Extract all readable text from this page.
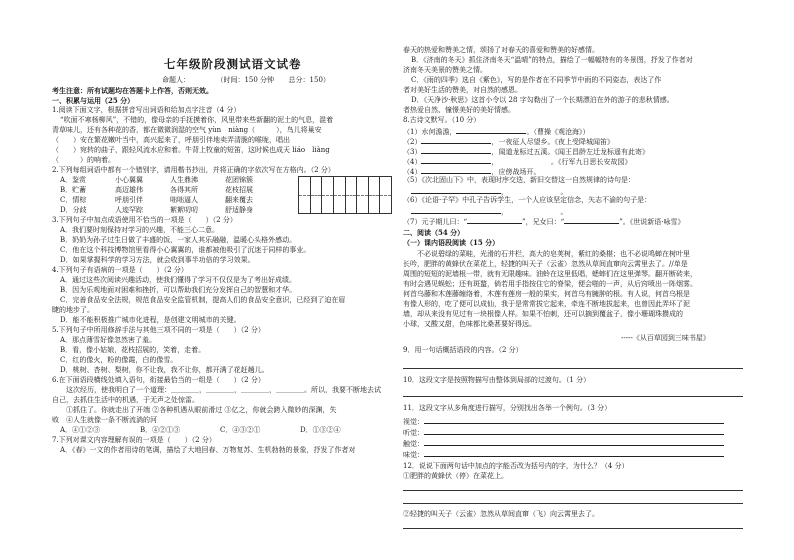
七年级阶段测试语文试卷
命题人：	（时间：150 分钟 总分：150）
考生注意：所有试题均在答题卡上作答，否则无效。
一、积累与运用（25 分）
1.阅读下面文字，根据拼音写出词语和给加点字注音（4 分）
“吹面不寒杨柳风”，不错的，像母亲的手抚摸着你，风里带来些新翻的泥土的气息，混着
青草味儿，还有各种花的香，都在微微润湿的空气 yùn　niàng（　　　），鸟儿将巢安
（　　）安在繁花嫩叶当中，高兴起来了，呼朋引伴地卖弄清脆的喉咙，唱出
（　　）宛转的曲子，跟轻风流水应和着。牛背上牧童的短笛，这时候也成天 liáo　liàng
（　　　）的响着。
2.下列每组词语中都有一个错别字，请用楷书抄出，并将正确的字依次写在方格内。（2 分）
A．鉴赏	小心翼翼	人生鼎沸	花团锦簇
B．贮蓄	高迈雄伟	各得其所	花枝招展
C．情棕	呼朋引伴	咄咄逼人	翻来覆去
D．分歧	人迹罕踪	絮絮叨叨	舒适静身
3.下列句子中加点成语使用不恰当的一项是（　　）（2 分）
A．我们要时刻保持对学习的兴趣，不能三心二意。
B．奶奶为孙子过生日做了丰盛的饭，一家人其乐融融，温暖心头格外感动。
C．他在这个科技博物馆里看得小心翼翼的，谁都被他吸引了沉迷于同样的事业。
D．如果掌握科学的学习方法，就会收到事半功倍的学习效果。
4.下列句子有语病的一项是（　　）（2 分）
A．通过这些次阅读兴趣活动，使我们懂得了学习不仅仅是为了考出好成绩。
B．因为乐观地面对困难和挫折，可以帮助我们充分发挥自己的智慧和才华。
C．完善食品安全法规，规范食品安全监管机制，提高人们的食品安全意识，已经到了迫在眉
睫的地步了。
D．能不能积极推广城市化进程，是创建文明城市的关键。
5.下列句子中所用修辞手法与其他三项不同的一项是（　　）（2 分）
A．那点薄雪好像忽然害了羞。
B．看，像小姑娘，花枝招展的，笑着，走着。
C．红的像火，粉的像霞，白的像雪。
D．桃树、杏树、梨树，你不让我，我不让你，都开满了花赶趟儿。
6.在下面语段横线处填入语句，衔接最恰当的一组是（　　）（2 分）
这次经历，使我明白了一个道理：＿＿＿＿，＿＿＿＿，＿＿＿＿，＿＿＿＿。所以，我要不断地去试
自己，去抓住生活中的机遇，于无声之处惊雷。
①抓住了。你就走出了开端 ②各种机遇从眼前滑过 ③亿之，你就会跨入微妙的深渊，失
败　④人生就像一条不断流淌的河
A．④①②③	B．④②①③	C．④③②①	D．①③②④
7.下列对课文内容理解有误的一项是（　　）（2 分）
A．《春》一文的作者用诗的笔调，描绘了大地回春、万物复苏、生机勃勃的景象，抒发了作者对
春天的热爱和赞美之情，颂扬了对春天的喜爱和赞美的好感情。
B．《济南的冬天》抓住济南冬天“温晴”的特点，描绘了一幅幅特有的冬景图，抒发了作者对
济南冬天美景的赞美之情。
C．《雨的四季》选自《紫色》，写的是作者在不同季节中雨的不同姿态，表达了作
者对美好生活的赞美，对自然的感恩。
D．《天净沙·秋思》这首小令以 28 字勾勒出了一个长期漂泊在外的游子的悲秋情感。
者热爱自然、憧憬美好的美好情感。
8.古诗文默写。（10 分）
（1）水何澹澹，	。（曹操《观沧海》）
（2）	，一夜征人尽望乡。《夜上受降城闻笛》
（3）	，闻道龙标过五溪。《闻王昌龄左迁龙标遥有此寄》
（4）	，　　　　　　　　。《行军九日思长安故园》
（4）	，应傍战场开。
（5）《次北固山下》中，表现时序交迭，新旧交替这一自然规律的诗句是：
，　　　　　　　　。
（6）《论语·子罕》中孔子告诉学生，一个人应该坚定信念，矢志不渝的句子是：
，　　　　　　　　。
（7）元子期儿曰：“	”，兄女曰：“	”。《世说新语·咏雪》
二、阅读（54 分）
（一）课内语段阅读（15 分）
不必说碧绿的菜畦，光滑的石井栏，高大的皂荚树，紫红的桑椹；也不必说鸣蝉在树叶里
长吟，肥胖的黄蜂伏在菜花上，轻捷的叫天子（云雀）忽然从草间直窜向云霄里去了。//单是
周围的短短的泥墙根一带，就有无限趣味。油蛉在这里低唱，蟋蟀们在这里弹琴。翻开断砖来，
有时会遇见蜈蚣；还有斑蝥，倘若用手指按住它的脊梁，便会啪的一声，从后窍喷出一阵烟雾。
何首乌藤和木莲藤缠络着，木莲有莲房一般的果实，何首乌有臃肿的根。有人说，何首乌根是
有像人形的，吃了便可以成仙，我于是常常拔它起来，牵连不断地拔起来，也曾因此弄坏了泥
墙，却从来没有见过有一块根像人样。如果不怕刺，还可以摘到覆盆子，像小珊瑚珠攒成的
小球，又酸又甜，色味都比桑葚要好得远。
-----《从百草园到三味书屋》
9．用一句话概括语段的内容。（2 分）
10．这段文字是按照物描写由整体到局部的过渡句。（1 分）
11．这段文字从多角度进行描写，分别找出各举一个例句。（3 分）
视觉：
听觉：
触觉：
味觉：
12．说说下面两句话中加点的字能否改为括号内的字，为什么？（4 分）
①肥胖的黄蜂伏（停）在菜花上。
②轻捷的叫天子（云雀）忽然从草间直窜（飞）向云霄里去了。
